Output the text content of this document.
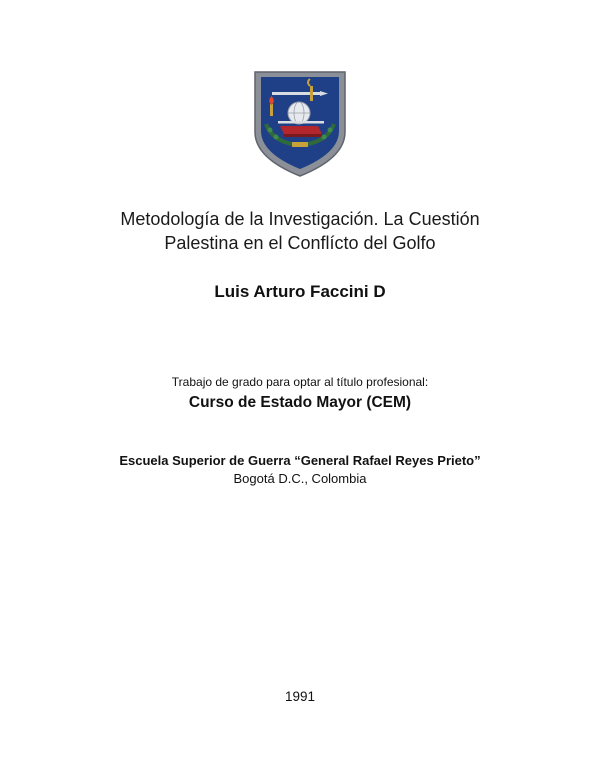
Metodología de la Investigación. La Cuestión
Palestina en el Conflícto del Golfo
Luis Arturo Faccini D
Trabajo de grado para optar al título profesional:
Curso de Estado Mayor (CEM)
Escuela Superior de Guerra “General Rafael Reyes Prieto”
Bogotá D.C., Colombia
1991
